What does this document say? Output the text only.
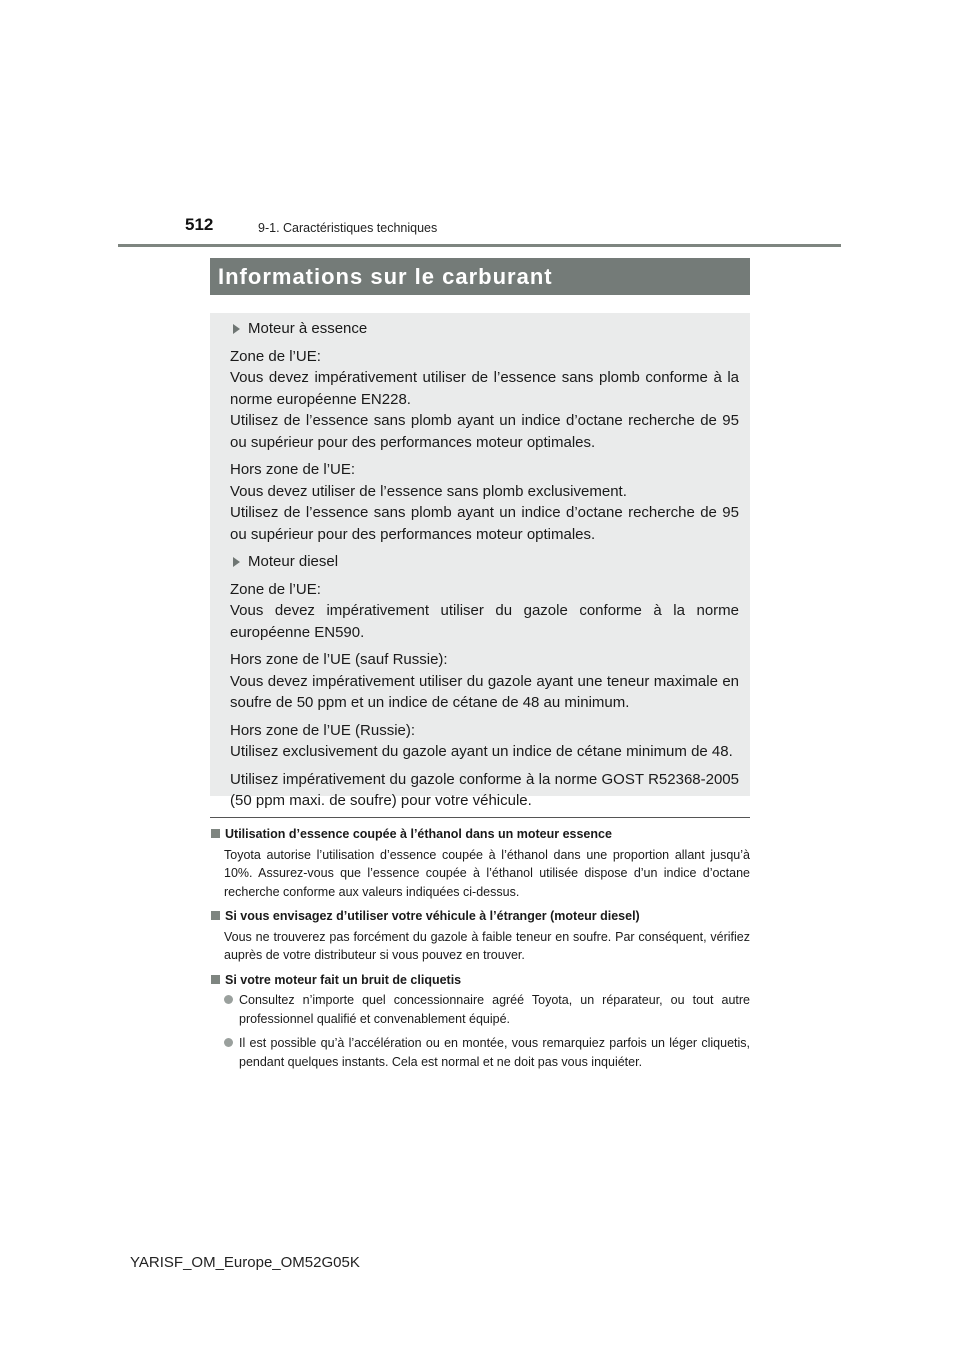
512	9-1. Caractéristiques techniques
Informations sur le carburant
Moteur à essence

Zone de l’UE:
Vous devez impérativement utiliser de l’essence sans plomb conforme à la norme européenne EN228.
Utilisez de l’essence sans plomb ayant un indice d’octane recherche de 95 ou supérieur pour des performances moteur optimales.

Hors zone de l’UE:
Vous devez utiliser de l’essence sans plomb exclusivement.
Utilisez de l’essence sans plomb ayant un indice d’octane recherche de 95 ou supérieur pour des performances moteur optimales.

Moteur diesel

Zone de l’UE:
Vous devez impérativement utiliser du gazole conforme à la norme européenne EN590.

Hors zone de l’UE (sauf Russie):
Vous devez impérativement utiliser du gazole ayant une teneur maximale en soufre de 50 ppm et un indice de cétane de 48 au minimum.

Hors zone de l’UE (Russie):
Utilisez exclusivement du gazole ayant un indice de cétane minimum de 48.

Utilisez impérativement du gazole conforme à la norme GOST R52368-2005 (50 ppm maxi. de soufre) pour votre véhicule.

Utilisation d’essence coupée à l’éthanol dans un moteur essence
Toyota autorise l’utilisation d’essence coupée à l’éthanol dans une proportion allant jusqu’à 10%. Assurez-vous que l’essence coupée à l’éthanol utilisée dispose d’un indice d’octane recherche conforme aux valeurs indiquées ci-dessus.
Si vous envisagez d’utiliser votre véhicule à l’étranger (moteur diesel)
Vous ne trouverez pas forcément du gazole à faible teneur en soufre. Par conséquent, vérifiez auprès de votre distributeur si vous pouvez en trouver.
Si votre moteur fait un bruit de cliquetis
Consultez n’importe quel concessionnaire agréé Toyota, un réparateur, ou tout autre professionnel qualifié et convenablement équipé.
Il est possible qu’à l’accélération ou en montée, vous remarquiez parfois un léger cliquetis, pendant quelques instants. Cela est normal et ne doit pas vous inquiéter.
YARISF_OM_Europe_OM52G05K
